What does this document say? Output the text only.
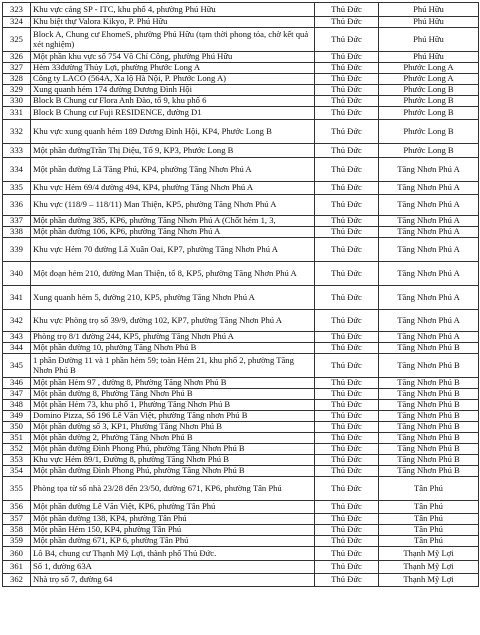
323	Khu vực cảng SP - ITC, khu phố 4, phường Phú Hữu	Thủ Đức	Phú Hữu
324	Khu biệt thự Valora Kikyo, P. Phú Hữu	Thủ Đức	Phú Hữu
325	Block A, Chung cư EhomeS, phường Phú Hữu (tạm thời phong tỏa, chờ kết quả xét nghiệm)	Thủ Đức	Phú Hữu
326	Một phần khu vực số 754 Võ Chí Công, phường Phú Hữu	Thủ Đức	Phú Hữu
327	Hẻm 33đường Thủy Lợi, phường Phước Long A	Thủ Đức	Phước Long A
328	Công ty LACO (564A, Xa lộ Hà Nội, P. Phước Long A)	Thủ Đức	Phước Long A
329	Xung quanh hẻm 174 đường Dương Đình Hội	Thủ Đức	Phước Long B
330	Block B Chung cư Flora Anh Đào, tổ 9, khu phố 6	Thủ Đức	Phước Long B
331	Block B Chung cư Fuji RESIDENCE, đường D1	Thủ Đức	Phước Long B
332	Khu vực xung quanh hẻm 189 Dương Đình Hội, KP4, Phước Long B	Thủ Đức	Phước Long B
333	Một phần đườngTrần Thị Diệu, Tổ 9, KP3, Phước Long B	Thủ Đức	Phước Long B
334	Một phần đường Lã Tăng Phú, KP4, phường Tăng Nhơn Phú A	Thủ Đức	Tăng Nhơn Phú A
335	Khu vực Hẻm 69/4 đường 494, KP4, phường Tăng Nhơn Phú A	Thủ Đức	Tăng Nhơn Phú A
336	Khu vực (118/9 – 118/11) Man Thiện, KP5, phường Tăng Nhơn Phú A	Thủ Đức	Tăng Nhơn Phú A
337	Một phần đường 385, KP6, phường Tăng Nhơn Phú A (Chốt hẻm 1, 3,	Thủ Đức	Tăng Nhơn Phú A
338	Một phần đường 106, KP6, phường Tăng Nhơn Phú A	Thủ Đức	Tăng Nhơn Phú A
339	Khu vực Hẻm 70 đường Lã Xuân Oai, KP7, phường Tăng Nhơn Phú A	Thủ Đức	Tăng Nhơn Phú A
340	Một đoạn hẻm 210, đường Man Thiện, tổ 8, KP5, phường Tăng Nhơn Phú A	Thủ Đức	Tăng Nhơn Phú A
341	Xung quanh hẻm 5, đường 210, KP5, phường Tăng Nhơn Phú A	Thủ Đức	Tăng Nhơn Phú A
342	Khu vực Phòng trọ số 39/9, đường 102, KP7, phường Tăng Nhơn Phú A	Thủ Đức	Tăng Nhơn Phú A
343	Phòng trọ 8/1 đường 244, KP5, phường Tăng Nhơn Phú A	Thủ Đức	Tăng Nhơn Phú A
344	Một phần đường 10, phường Tăng Nhơn Phú B	Thủ Đức	Tăng Nhơn Phú B
345	1 phần Đường 11 và 1 phần hẻm 59; toàn Hẻm 21, khu phố 2, phường Tăng Nhơn Phú B	Thủ Đức	Tăng Nhơn Phú B
346	Một phần Hẻm 97 , đường 8, Phường Tăng Nhơn Phú B	Thủ Đức	Tăng Nhơn Phú B
347	Một phần đường 8, Phường Tăng Nhơn Phú B	Thủ Đức	Tăng Nhơn Phú B
348	Một phần Hẻm 73, khu phố 1, Phường Tăng Nhơn Phú B	Thủ Đức	Tăng Nhơn Phú B
349	Domino Pizza, Số 196 Lê Văn Việt, phường Tăng nhơn Phú B	Thủ Đức	Tăng Nhơn Phú B
350	Một phần đường số 3, KP1, Phường Tăng Nhơn Phú B	Thủ Đức	Tăng Nhơn Phú B
351	Một phần đường 2, Phường Tăng Nhơn Phú B	Thủ Đức	Tăng Nhơn Phú B
352	Một phần đường Đình Phong Phú, phường Tăng Nhơn Phú B	Thủ Đức	Tăng Nhơn Phú B
353	Khu vực Hẻm 89/1, Đường 8, phường Tăng Nhơn Phú B	Thủ Đức	Tăng Nhơn Phú B
354	Một phần đường Đình Phong Phú, phường Tăng Nhơn Phú B	Thủ Đức	Tăng Nhơn Phú B
355	Phòng tọa từ số nhà 23/28 đến 23/50, đường 671, KP6, phường Tân Phú	Thủ Đức	Tân Phú
356	Một phần đường Lê Văn Việt, KP6, phường Tân Phú	Thủ Đức	Tân Phú
357	Một phần đường 138, KP4, phường Tân Phú	Thủ Đức	Tân Phú
358	Một phần Hẻm 150, KP4, phường Tân Phú	Thủ Đức	Tân Phú
359	Một phần đường 671, KP 6, phường Tân Phú	Thủ Đức	Tân Phú
360	Lô B4, chung cư Thạnh Mỹ Lợi, thành phố Thủ Đức.	Thủ Đức	Thạnh Mỹ Lợi
361	Số 1, đường 63A	Thủ Đức	Thạnh Mỹ Lợi
362	Nhà trọ số 7, đường 64	Thủ Đức	Thạnh Mỹ Lợi
